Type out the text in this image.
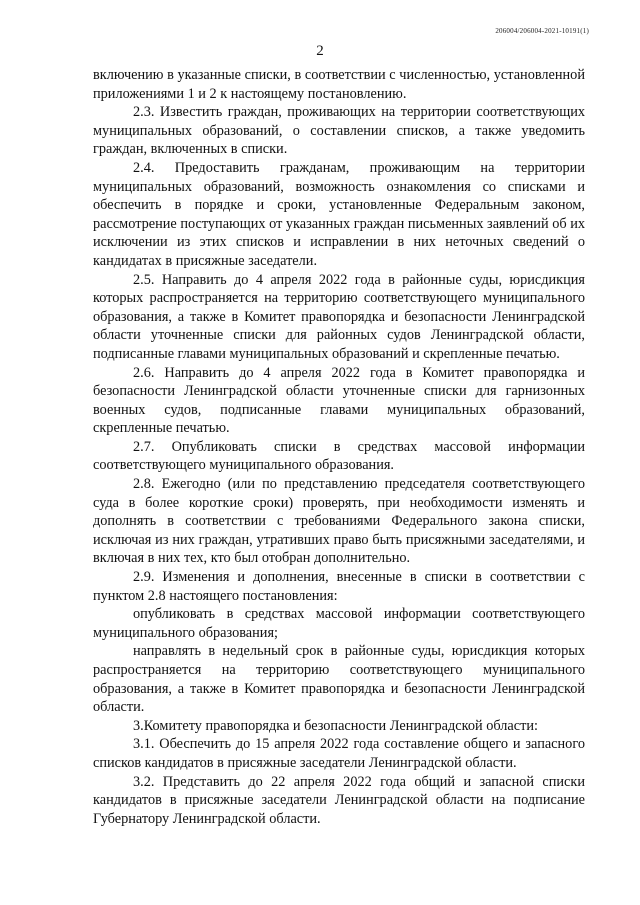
206004/206004-2021-10191(1)
2

включению в указанные списки, в соответствии с численностью, установленной приложениями 1 и 2 к настоящему постановлению.

2.3. Известить граждан, проживающих на территории соответствующих муниципальных образований, о составлении списков, а также уведомить граждан, включенных в списки.

2.4. Предоставить гражданам, проживающим на территории муниципальных образований, возможность ознакомления со списками и обеспечить в порядке и сроки, установленные Федеральным законом, рассмотрение поступающих от указанных граждан письменных заявлений об их исключении из этих списков и исправлении в них неточных сведений о кандидатах в присяжные заседатели.

2.5. Направить до 4 апреля 2022 года в районные суды, юрисдикция которых распространяется на территорию соответствующего муниципального образования, а также в Комитет правопорядка и безопасности Ленинградской области уточненные списки для районных судов Ленинградской области, подписанные главами муниципальных образований и скрепленные печатью.

2.6. Направить до 4 апреля 2022 года в Комитет правопорядка и безопасности Ленинградской области уточненные списки для гарнизонных военных судов, подписанные главами муниципальных образований, скрепленные печатью.

2.7. Опубликовать списки в средствах массовой информации соответствующего муниципального образования.

2.8. Ежегодно (или по представлению председателя соответствующего суда в более короткие сроки) проверять, при необходимости изменять и дополнять в соответствии с требованиями Федерального закона списки, исключая из них граждан, утративших право быть присяжными заседателями, и включая в них тех, кто был отобран дополнительно.

2.9. Изменения и дополнения, внесенные в списки в соответствии с пунктом 2.8 настоящего постановления:

опубликовать в средствах массовой информации соответствующего муниципального образования;

направлять в недельный срок в районные суды, юрисдикция которых распространяется на территорию соответствующего муниципального образования, а также в Комитет правопорядка и безопасности Ленинградской области.

3.Комитету правопорядка и безопасности Ленинградской области:

3.1. Обеспечить до 15 апреля 2022 года составление общего и запасного списков кандидатов в присяжные заседатели Ленинградской области.

3.2. Представить до 22 апреля 2022 года общий и запасной списки кандидатов в присяжные заседатели Ленинградской области на подписание Губернатору Ленинградской области.
